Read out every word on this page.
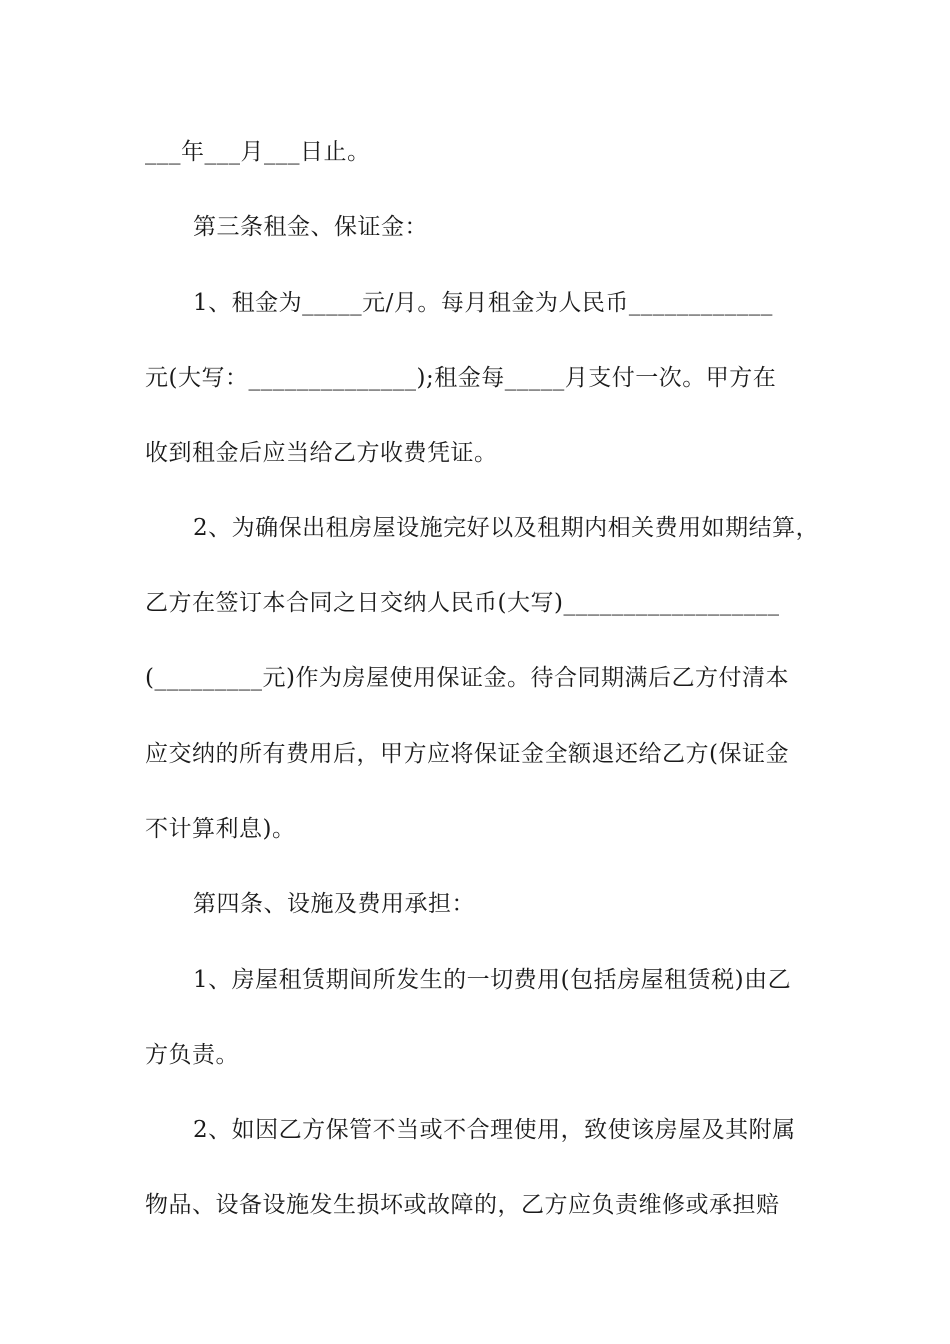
___年___月___日止。
第三条租金、保证金：
1、租金为_____元/月。每月租金为人民币____________
元(大写：______________);租金每_____月支付一次。甲方在
收到租金后应当给乙方收费凭证。
2、为确保出租房屋设施完好以及租期内相关费用如期结算，
乙方在签订本合同之日交纳人民币(大写)__________________
(_________元)作为房屋使用保证金。待合同期满后乙方付清本
应交纳的所有费用后，甲方应将保证金全额退还给乙方(保证金
不计算利息)。
第四条、设施及费用承担：
1、房屋租赁期间所发生的一切费用(包括房屋租赁税)由乙
方负责。
2、如因乙方保管不当或不合理使用，致使该房屋及其附属
物品、设备设施发生损坏或故障的，乙方应负责维修或承担赔
